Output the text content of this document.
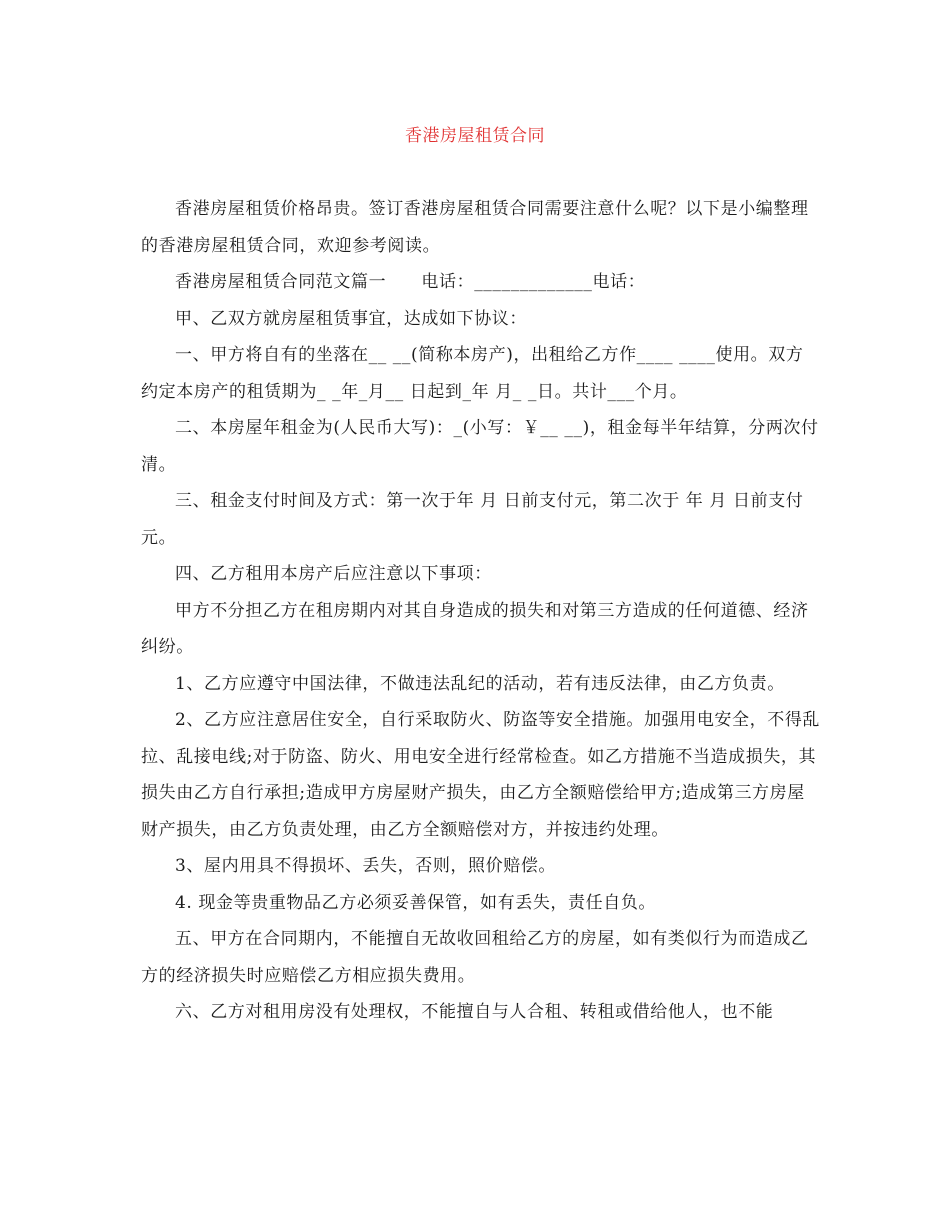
香港房屋租赁合同

香港房屋租赁价格昂贵。签订香港房屋租赁合同需要注意什么呢？以下是小编整理的香港房屋租赁合同，欢迎参考阅读。

香港房屋租赁合同范文篇一　　电话：_____________电话：

甲、乙双方就房屋租赁事宜，达成如下协议：

一、甲方将自有的坐落在__ __(简称本房产)，出租给乙方作____ ____使用。双方约定本房产的租赁期为_ _年_月__ 日起到_年 月_ _日。共计___个月。

二、本房屋年租金为(人民币大写)：_(小写：￥__ __)，租金每半年结算，分两次付清。

三、租金支付时间及方式：第一次于年 月 日前支付元，第二次于 年 月 日前支付元。

四、乙方租用本房产后应注意以下事项：

甲方不分担乙方在租房期内对其自身造成的损失和对第三方造成的任何道德、经济纠纷。

1、乙方应遵守中国法律，不做违法乱纪的活动，若有违反法律，由乙方负责。

2、乙方应注意居住安全，自行采取防火、防盗等安全措施。加强用电安全，不得乱拉、乱接电线;对于防盗、防火、用电安全进行经常检查。如乙方措施不当造成损失，其损失由乙方自行承担;造成甲方房屋财产损失，由乙方全额赔偿给甲方;造成第三方房屋财产损失，由乙方负责处理，由乙方全额赔偿对方，并按违约处理。

3、屋内用具不得损坏、丢失，否则，照价赔偿。

4. 现金等贵重物品乙方必须妥善保管，如有丢失，责任自负。

五、甲方在合同期内，不能擅自无故收回租给乙方的房屋，如有类似行为而造成乙方的经济损失时应赔偿乙方相应损失费用。

六、乙方对租用房没有处理权，不能擅自与人合租、转租或借给他人，也不能
